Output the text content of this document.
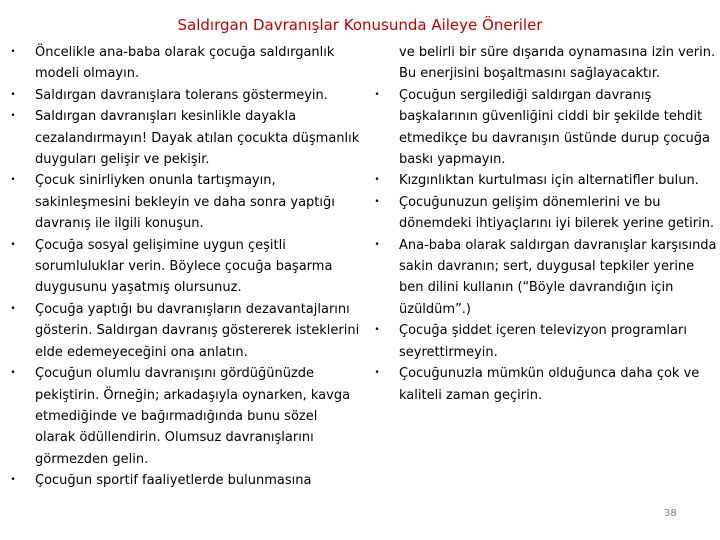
Saldırgan Davranışlar Konusunda Aileye Öneriler

• Öncelikle ana-baba olarak çocuğa saldırganlık modeli olmayın.

• Saldırgan davranışlara tolerans göstermeyin.

• Saldırgan davranışları kesinlikle dayakla cezalandırmayın! Dayak atılan çocukta düşmanlık duyguları gelişir ve pekişir.

• Çocuk sinirliyken onunla tartışmayın, sakinleşmesini bekleyin ve daha sonra yaptığı davranış ile ilgili konuşun.

• Çocuğa sosyal gelişimine uygun çeşitli sorumluluklar verin. Böylece çocuğa başarma duygusunu yaşatmış olursunuz.

• Çocuğa yaptığı bu davranışların dezavantajlarını gösterin. Saldırgan davranış göstererek isteklerini elde edemeyeceğini ona anlatın.

• Çocuğun olumlu davranışını gördüğünüzde pekiştirin. Örneğin; arkadaşıyla oynarken, kavga etmediğinde ve bağırmadığında bunu sözel olarak ödüllendirin. Olumsuz davranışlarını görmezden gelin.

• Çocuğun sportif faaliyetlerde bulunmasına

ve belirli bir süre dışarıda oynamasına izin verin. Bu enerjisini boşaltmasını sağlayacaktır.

• Çocuğun sergilediği saldırgan davranış başkalarının güvenliğini ciddi bir şekilde tehdit etmedikçe bu davranışın üstünde durup çocuğa baskı yapmayın.

• Kızgınlıktan kurtulması için alternatifler bulun.

• Çocuğunuzun gelişim dönemlerini ve bu dönemdeki ihtiyaçlarını iyi bilerek yerine getirin.

• Ana-baba olarak saldırgan davranışlar karşısında sakin davranın; sert, duygusal tepkiler yerine ben dilini kullanın (“Böyle davrandığın için üzüldüm”.)

• Çocuğa şiddet içeren televizyon programları seyrettirmeyin.

• Çocuğunuzla mümkün olduğunca daha çok ve kaliteli zaman geçirin.

38
